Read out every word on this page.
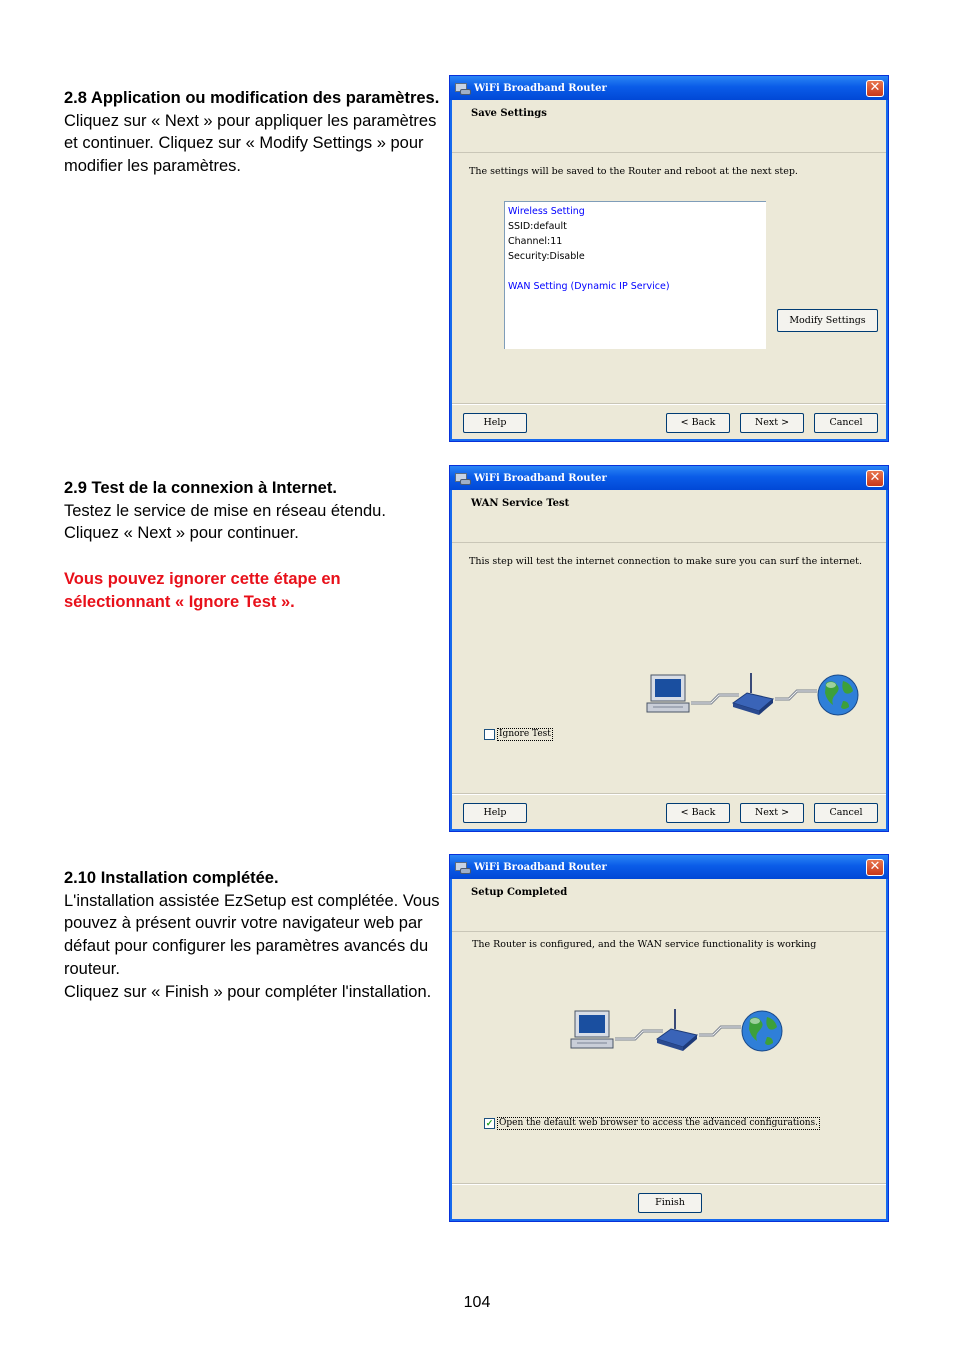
2.8 Application ou modification des paramètres.

Cliquez sur « Next » pour appliquer les paramètres et continuer. Cliquez sur « Modify Settings » pour modifier les paramètres.

WiFi Broadband Router	✕
Save Settings
The settings will be saved to the Router and reboot at the next step.
Wireless Setting
SSID:default
Channel:11
Security:Disable
WAN Setting (Dynamic IP Service)
Modify Settings
Help	< Back	Next >	Cancel

2.9 Test de la connexion à Internet.

Testez le service de mise en réseau étendu. Cliquez « Next » pour continuer.

Vous pouvez ignorer cette étape en sélectionnant « Ignore Test ».

WiFi Broadband Router	✕
WAN Service Test
This step will test the internet connection to make sure you can surf the internet.
Ignore Test
Help	< Back	Next >	Cancel

2.10 Installation complétée.

L'installation assistée EzSetup est complétée. Vous pouvez à présent ouvrir votre navigateur web par défaut pour configurer les paramètres avancés du routeur.

Cliquez sur « Finish » pour compléter l'installation.

WiFi Broadband Router	✕
Setup Completed
The Router is configured, and the WAN service functionality is working
✓ Open the default web browser to access the advanced configurations.
Finish
104
